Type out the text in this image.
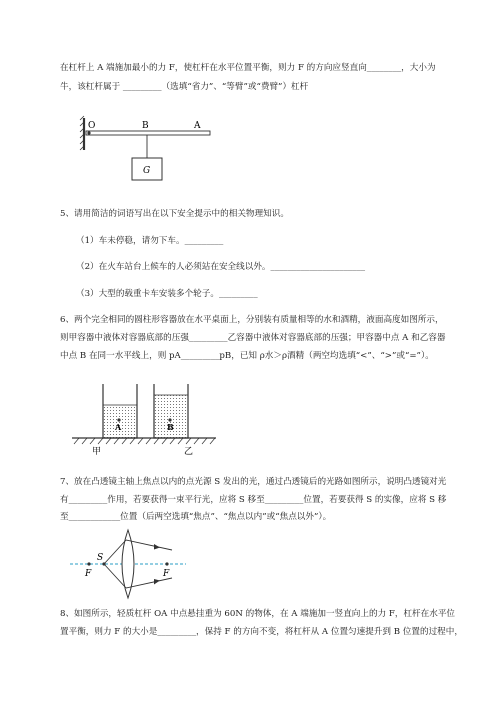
在杠杆上 A 端施加最小的力 F，使杠杆在水平位置平衡，则力 F 的方向应竖直向________，大小为
牛，该杠杆属于 _________（选填“省力”、“等臂”或“费臂”）杠杆
O	B	A
G
5、请用简洁的词语写出在以下安全提示中的相关物理知识。
（1）车未停稳，请勿下车。_________
（2）在火车站台上候车的人必须站在安全线以外。______________________
（3）大型的载重卡车安装多个轮子。_________
6、两个完全相同的圆柱形容器放在水平桌面上，分别装有质量相等的水和酒精，液面高度如图所示，
则甲容器中液体对容器底部的压强_________乙容器中液体对容器底部的压强；甲容器中点 A 和乙容器
中点 B 在同一水平线上，则 pA_________pB，已知 ρ水＞ρ酒精（两空均选填“<”、“>”或“=”）。
A	B
甲	乙
7、放在凸透镜主轴上焦点以内的点光源 S 发出的光，通过凸透镜后的光路如图所示，说明凸透镜对光
有_________作用，若要获得一束平行光，应将 S 移至_________位置，若要获得 S 的实像，应将 S 移
至____________位置（后两空选填“焦点”、“焦点以内”或“焦点以外”）。
S
F	F
8、如图所示，轻质杠杆 OA 中点悬挂重为 60N 的物体，在 A 端施加一竖直向上的力 F，杠杆在水平位
置平衡，则力 F 的大小是_________，保持 F 的方向不变，将杠杆从 A 位置匀速提升到 B 位置的过程中，
